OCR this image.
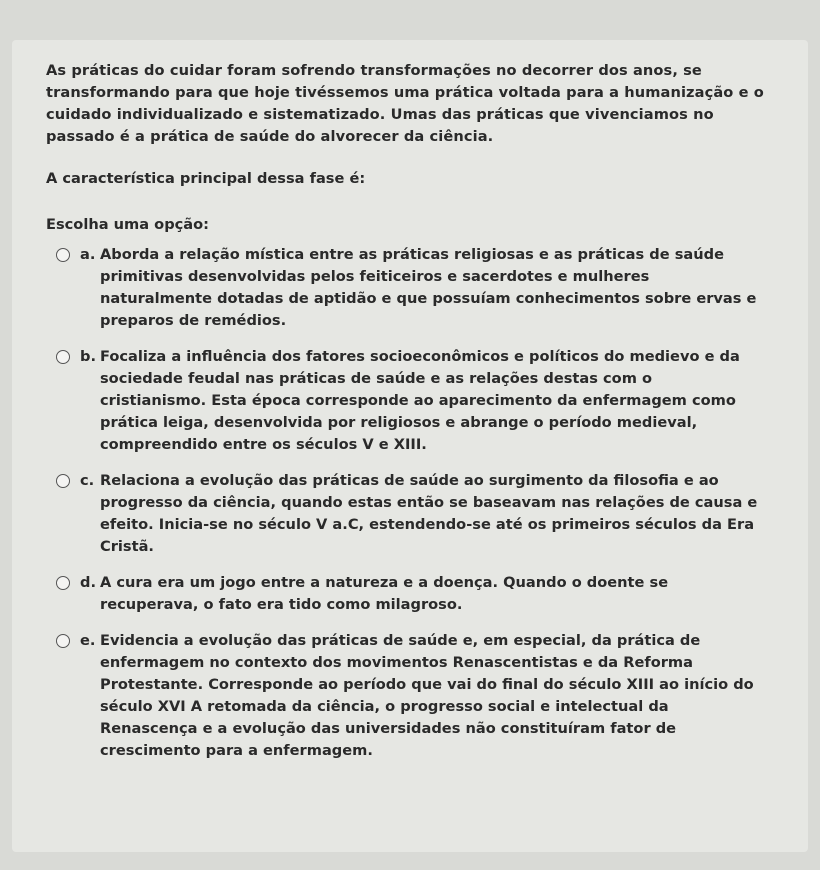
As práticas do cuidar foram sofrendo transformações no decorrer dos anos, se transformando para que hoje tivéssemos uma prática voltada para a humanização e o cuidado individualizado e sistematizado. Umas das práticas que vivenciamos no passado é a prática de saúde do alvorecer da ciência.

A característica principal dessa fase é:

Escolha uma opção:

a. Aborda a relação mística entre as práticas religiosas e as práticas de saúde primitivas desenvolvidas pelos feiticeiros e sacerdotes e mulheres naturalmente dotadas de aptidão e que possuíam conhecimentos sobre ervas e preparos de remédios.
b. Focaliza a influência dos fatores socioeconômicos e políticos do medievo e da sociedade feudal nas práticas de saúde e as relações destas com o cristianismo. Esta época corresponde ao aparecimento da enfermagem como prática leiga, desenvolvida por religiosos e abrange o período medieval, compreendido entre os séculos V e XIII.
c. Relaciona a evolução das práticas de saúde ao surgimento da filosofia e ao progresso da ciência, quando estas então se baseavam nas relações de causa e efeito. Inicia-se no século V a.C, estendendo-se até os primeiros séculos da Era Cristã.
d. A cura era um jogo entre a natureza e a doença. Quando o doente se recuperava, o fato era tido como milagroso.
e. Evidencia a evolução das práticas de saúde e, em especial, da prática de enfermagem no contexto dos movimentos Renascentistas e da Reforma Protestante. Corresponde ao período que vai do final do século XIII ao início do século XVI A retomada da ciência, o progresso social e intelectual da Renascença e a evolução das universidades não constituíram fator de crescimento para a enfermagem.
